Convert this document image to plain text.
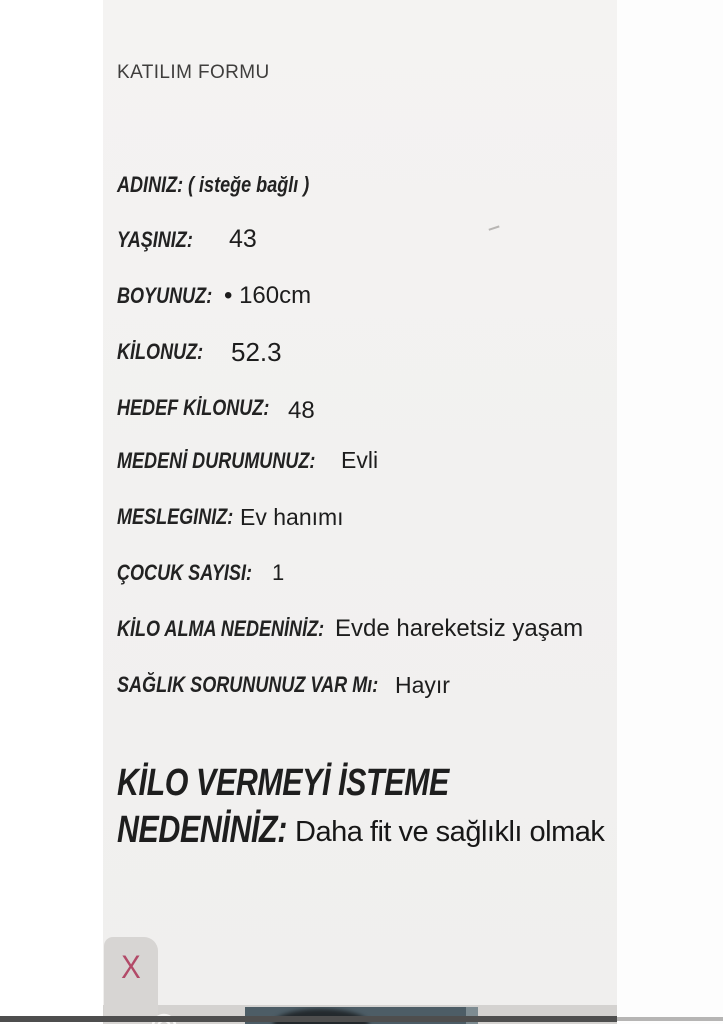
KATILIM FORMU
ADINIZ: ( isteğe bağlı )
YAŞINIZ: 43
BOYUNUZ: • 160cm
KİLONUZ: 52.3
HEDEF KİLONUZ: 48
MEDENİ DURUMUNUZ: Evli
MESLEGINIZ: Ev hanımı
ÇOCUK SAYISI: 1
KİLO ALMA NEDENİNİZ: Evde hareketsiz yaşam
SAĞLIK SORUNUNUZ VAR Mı: Hayır
KİLO VERMEYİ İSTEME
NEDENİNİZ: Daha fit ve sağlıklı olmak
X
